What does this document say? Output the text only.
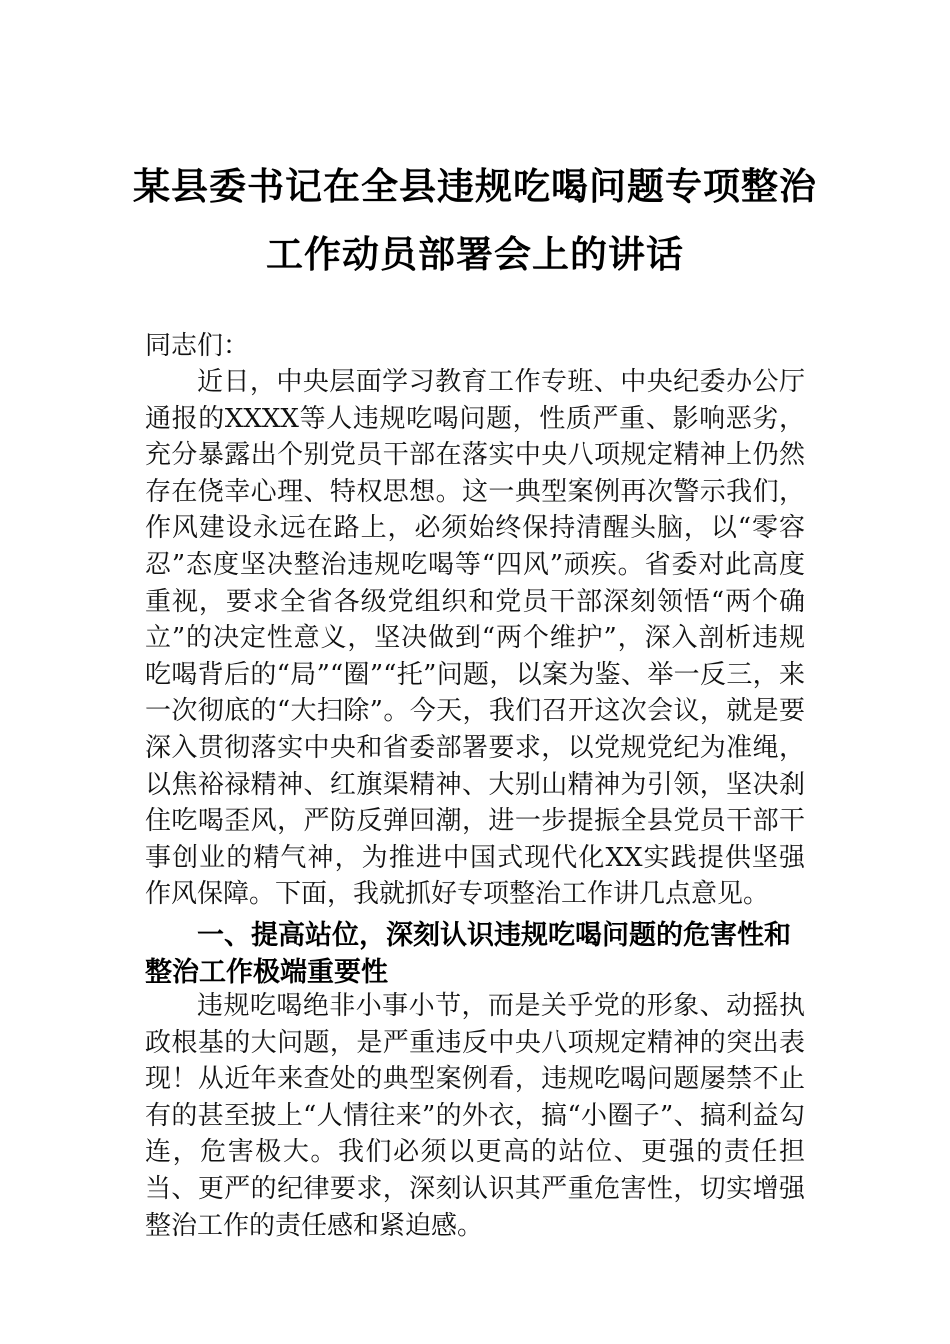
某县委书记在全县违规吃喝问题专项整治
工作动员部署会上的讲话
同志们：

近日，中央层面学习教育工作专班、中央纪委办公厅通报的XXXX等人违规吃喝问题，性质严重、影响恶劣，充分暴露出个别党员干部在落实中央八项规定精神上仍然存在侥幸心理、特权思想。这一典型案例再次警示我们，作风建设永远在路上，必须始终保持清醒头脑，以“零容忍”态度坚决整治违规吃喝等“四风”顽疾。省委对此高度重视，要求全省各级党组织和党员干部深刻领悟“两个确立”的决定性意义，坚决做到“两个维护”，深入剖析违规吃喝背后的“局”“圈”“托”问题，以案为鉴、举一反三，来一次彻底的“大扫除”。今天，我们召开这次会议，就是要深入贯彻落实中央和省委部署要求，以党规党纪为准绳，以焦裕禄精神、红旗渠精神、大别山精神为引领，坚决刹住吃喝歪风，严防反弹回潮，进一步提振全县党员干部干事创业的精气神，为推进中国式现代化XX实践提供坚强作风保障。下面，我就抓好专项整治工作讲几点意见。

一、提高站位，深刻认识违规吃喝问题的危害性和整治工作极端重要性

违规吃喝绝非小事小节，而是关乎党的形象、动摇执政根基的大问题，是严重违反中央八项规定精神的突出表现！从近年来查处的典型案例看，违规吃喝问题屡禁不止有的甚至披上“人情往来”的外衣，搞“小圈子”、搞利益勾连，危害极大。我们必须以更高的站位、更强的责任担当、更严的纪律要求，深刻认识其严重危害性，切实增强整治工作的责任感和紧迫感。
